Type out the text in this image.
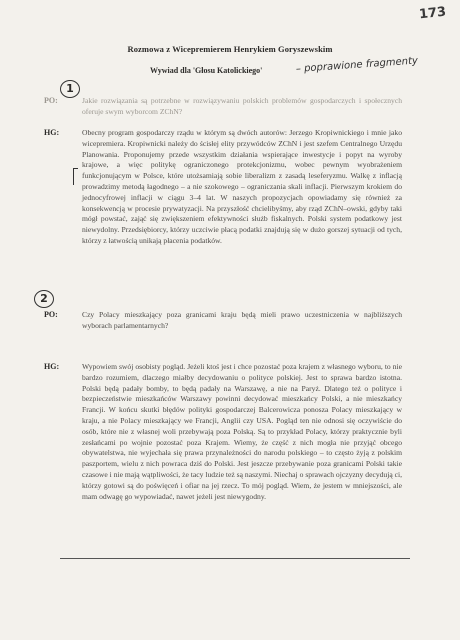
173
Rozmowa z Wicepremierem Henrykiem Goryszewskim
Wywiad dla 'Głosu Katolickiego'	– poprawione fragmenty
1
PO:	Jakie rozwiązania są potrzebne w rozwiązywaniu polskich problemów gospodarczych i społecznych oferuje swym wyborcom ZChN?
HG:	Obecny program gospodarczy rządu w którym są dwóch autorów: Jerzego Kropiwnickiego i mnie jako wicepremiera. Kropiwnicki należy do ścisłej elity przywódców ZChN i jest szefem Centralnego Urzędu Planowania. Proponujemy przede wszystkim działania wspierające inwestycje i popyt na wyroby krajowe, a więc politykę ograniczonego protekcjonizmu, wobec pewnym wyobrażeniem funkcjonującym w Polsce, które utożsamiają sobie liberalizm z zasadą leseferyzmu. Walkę z inflacją prowadzimy metodą łagodnego – a nie szokowego – ograniczania skali inflacji. Pierwszym krokiem do jednocyfrowej inflacji w ciągu 3–4 lat. W naszych propozycjach opowiadamy się również za konsekwencją w procesie prywatyzacji. Na przyszłość chcielibyśmy, aby rząd ZChN–owski, gdyby taki mógł powstać, zająć się zwiększeniem efektywności służb fiskalnych. Polski system podatkowy jest niewydolny. Przedsiębiorcy, którzy uczciwie płacą podatki znajdują się w dużo gorszej sytuacji od tych, którzy z łatwością unikają płacenia podatków.
2
PO:	Czy Polacy mieszkający poza granicami kraju będą mieli prawo uczestniczenia w najbliższych wyborach parlamentarnych?
HG:	Wypowiem swój osobisty pogląd. Jeżeli ktoś jest i chce pozostać poza krajem z własnego wyboru, to nie bardzo rozumiem, dlaczego miałby decydowaniu o polityce polskiej. Jest to sprawa bardzo istotna. Polski będą padały bomby, to będą padały na Warszawę, a nie na Paryż. Dlatego też o polityce i bezpieczeństwie mieszkańców Warszawy powinni decydować mieszkańcy Polski, a nie mieszkańcy Francji. W końcu skutki błędów polityki gospodarczej Balcerowicza ponosza Polacy mieszkający w kraju, a nie Polacy mieszkający we Francji, Anglii czy USA. Pogląd ten nie odnosi się oczywiście do osób, które nie z własnej woli przebywają poza Polską. Są to przykład Polacy, którzy praktycznie byli zesłańcami po wojnie pozostać poza Krajem. Wiemy, że część z nich mogła nie przyjąć obcego obywatelstwa, nie wyjechała się prawa przynależności do narodu polskiego – to często żyją z polskim paszportem, wielu z nich powraca dziś do Polski. Jest jeszcze przebywanie poza granicami Polski takie czasowe i nie mają wątpliwości, że tacy ludzie też są naszymi. Niechaj o sprawach ojczyzny decydują ci, którzy gotowi są do poświęceń i ofiar na jej rzecz. To mój pogląd. Wiem, że jestem w mniejszości, ale mam odwagę go wypowiadać, nawet jeżeli jest niewygodny.
